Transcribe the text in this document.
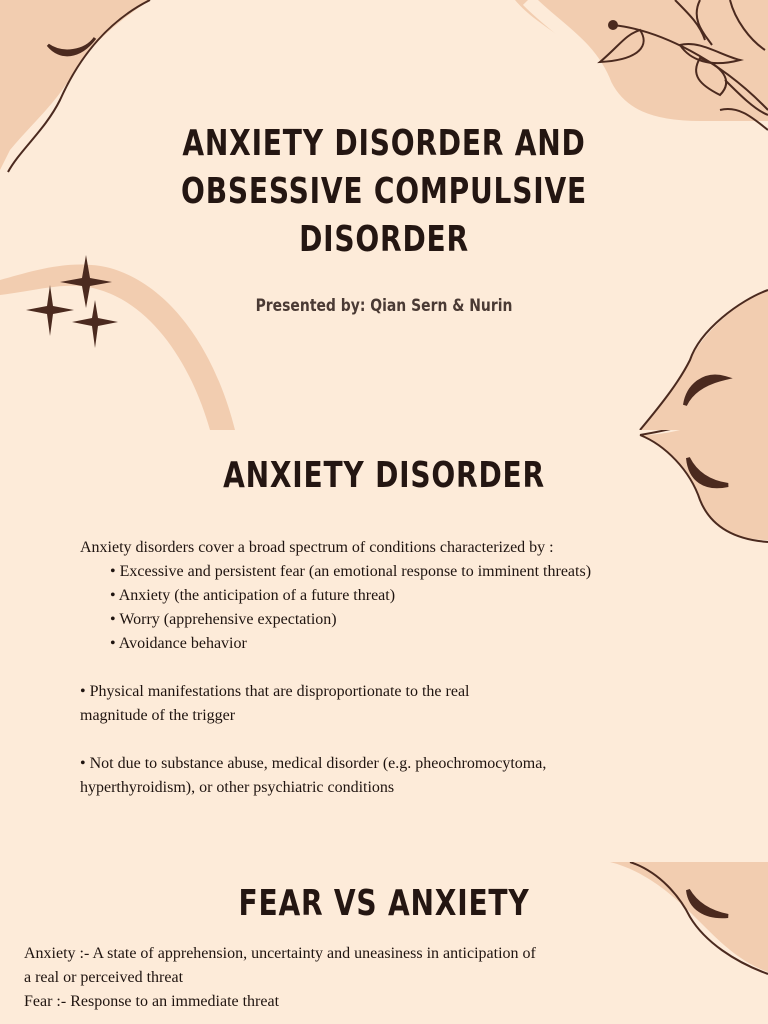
ANXIETY DISORDER AND
OBSESSIVE COMPULSIVE
DISORDER
Presented by: Qian Sern & Nurin
ANXIETY DISORDER

Anxiety disorders cover a broad spectrum of conditions characterized by :

• Excessive and persistent fear (an emotional response to imminent threats)
• Anxiety (the anticipation of a future threat)
• Worry (apprehensive expectation)
• Avoidance behavior

• Physical manifestations that are disproportionate to the real

magnitude of the trigger

• Not due to substance abuse, medical disorder (e.g. pheochromocytoma,

hyperthyroidism), or other psychiatric conditions

FEAR VS ANXIETY

Anxiety :- A state of apprehension, uncertainty and uneasiness in anticipation of

a real or perceived threat

Fear :- Response to an immediate threat
